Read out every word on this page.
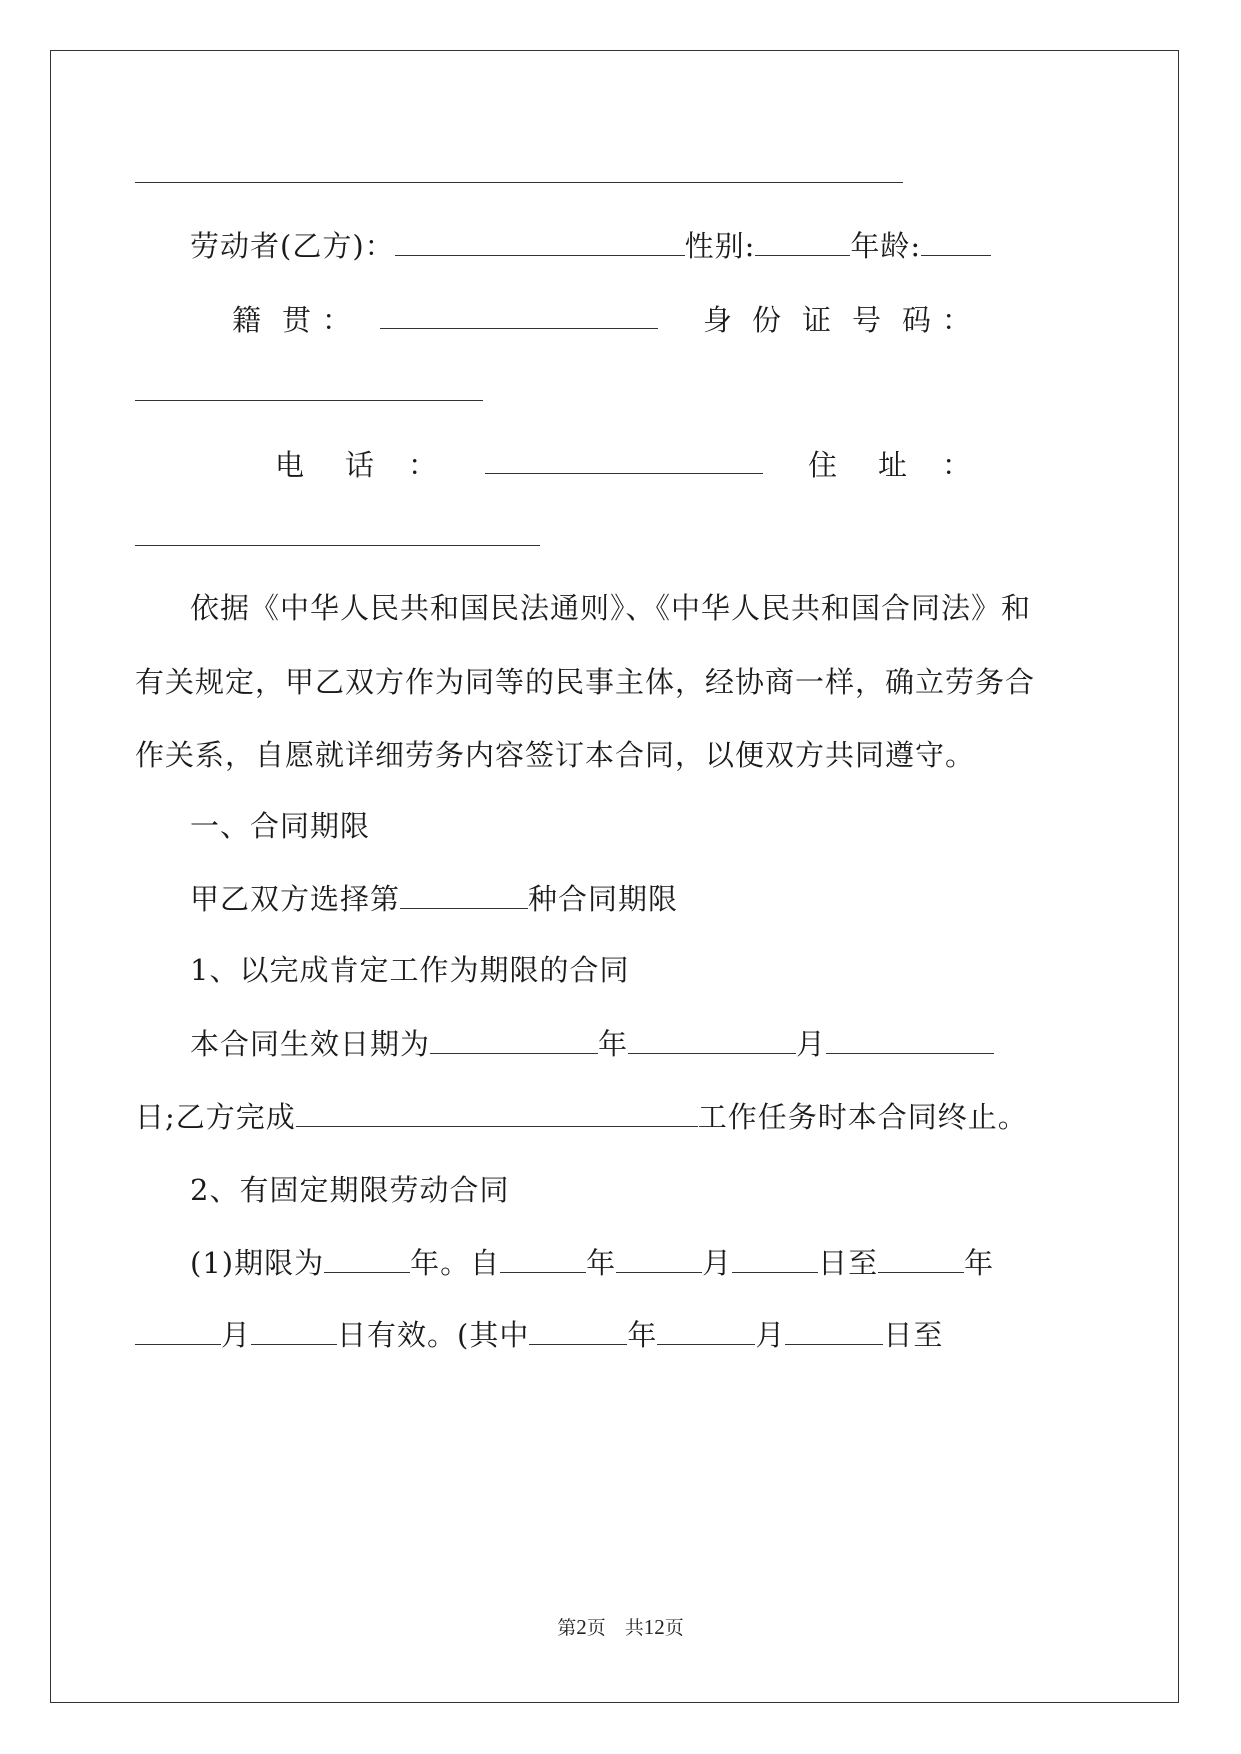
劳动者(乙方)：	性别:	年龄:
籍 贯 ：	身 份 证 号 码 ：
电 话 ：	住 址 ：
依据《中华人民共和国民法通则》、《中华人民共和国合同法》和
有关规定，甲乙双方作为同等的民事主体，经协商一样，确立劳务合
作关系，自愿就详细劳务内容签订本合同，以便双方共同遵守。
一、合同期限
甲乙双方选择第	种合同期限
1、以完成肯定工作为期限的合同
本合同生效日期为	年	月
日;乙方完成	工作任务时本合同终止。
2、有固定期限劳动合同
(1)期限为	年。自	年	月	日至	年
月	日有效。(其中	年	月	日至
第2页　共12页
